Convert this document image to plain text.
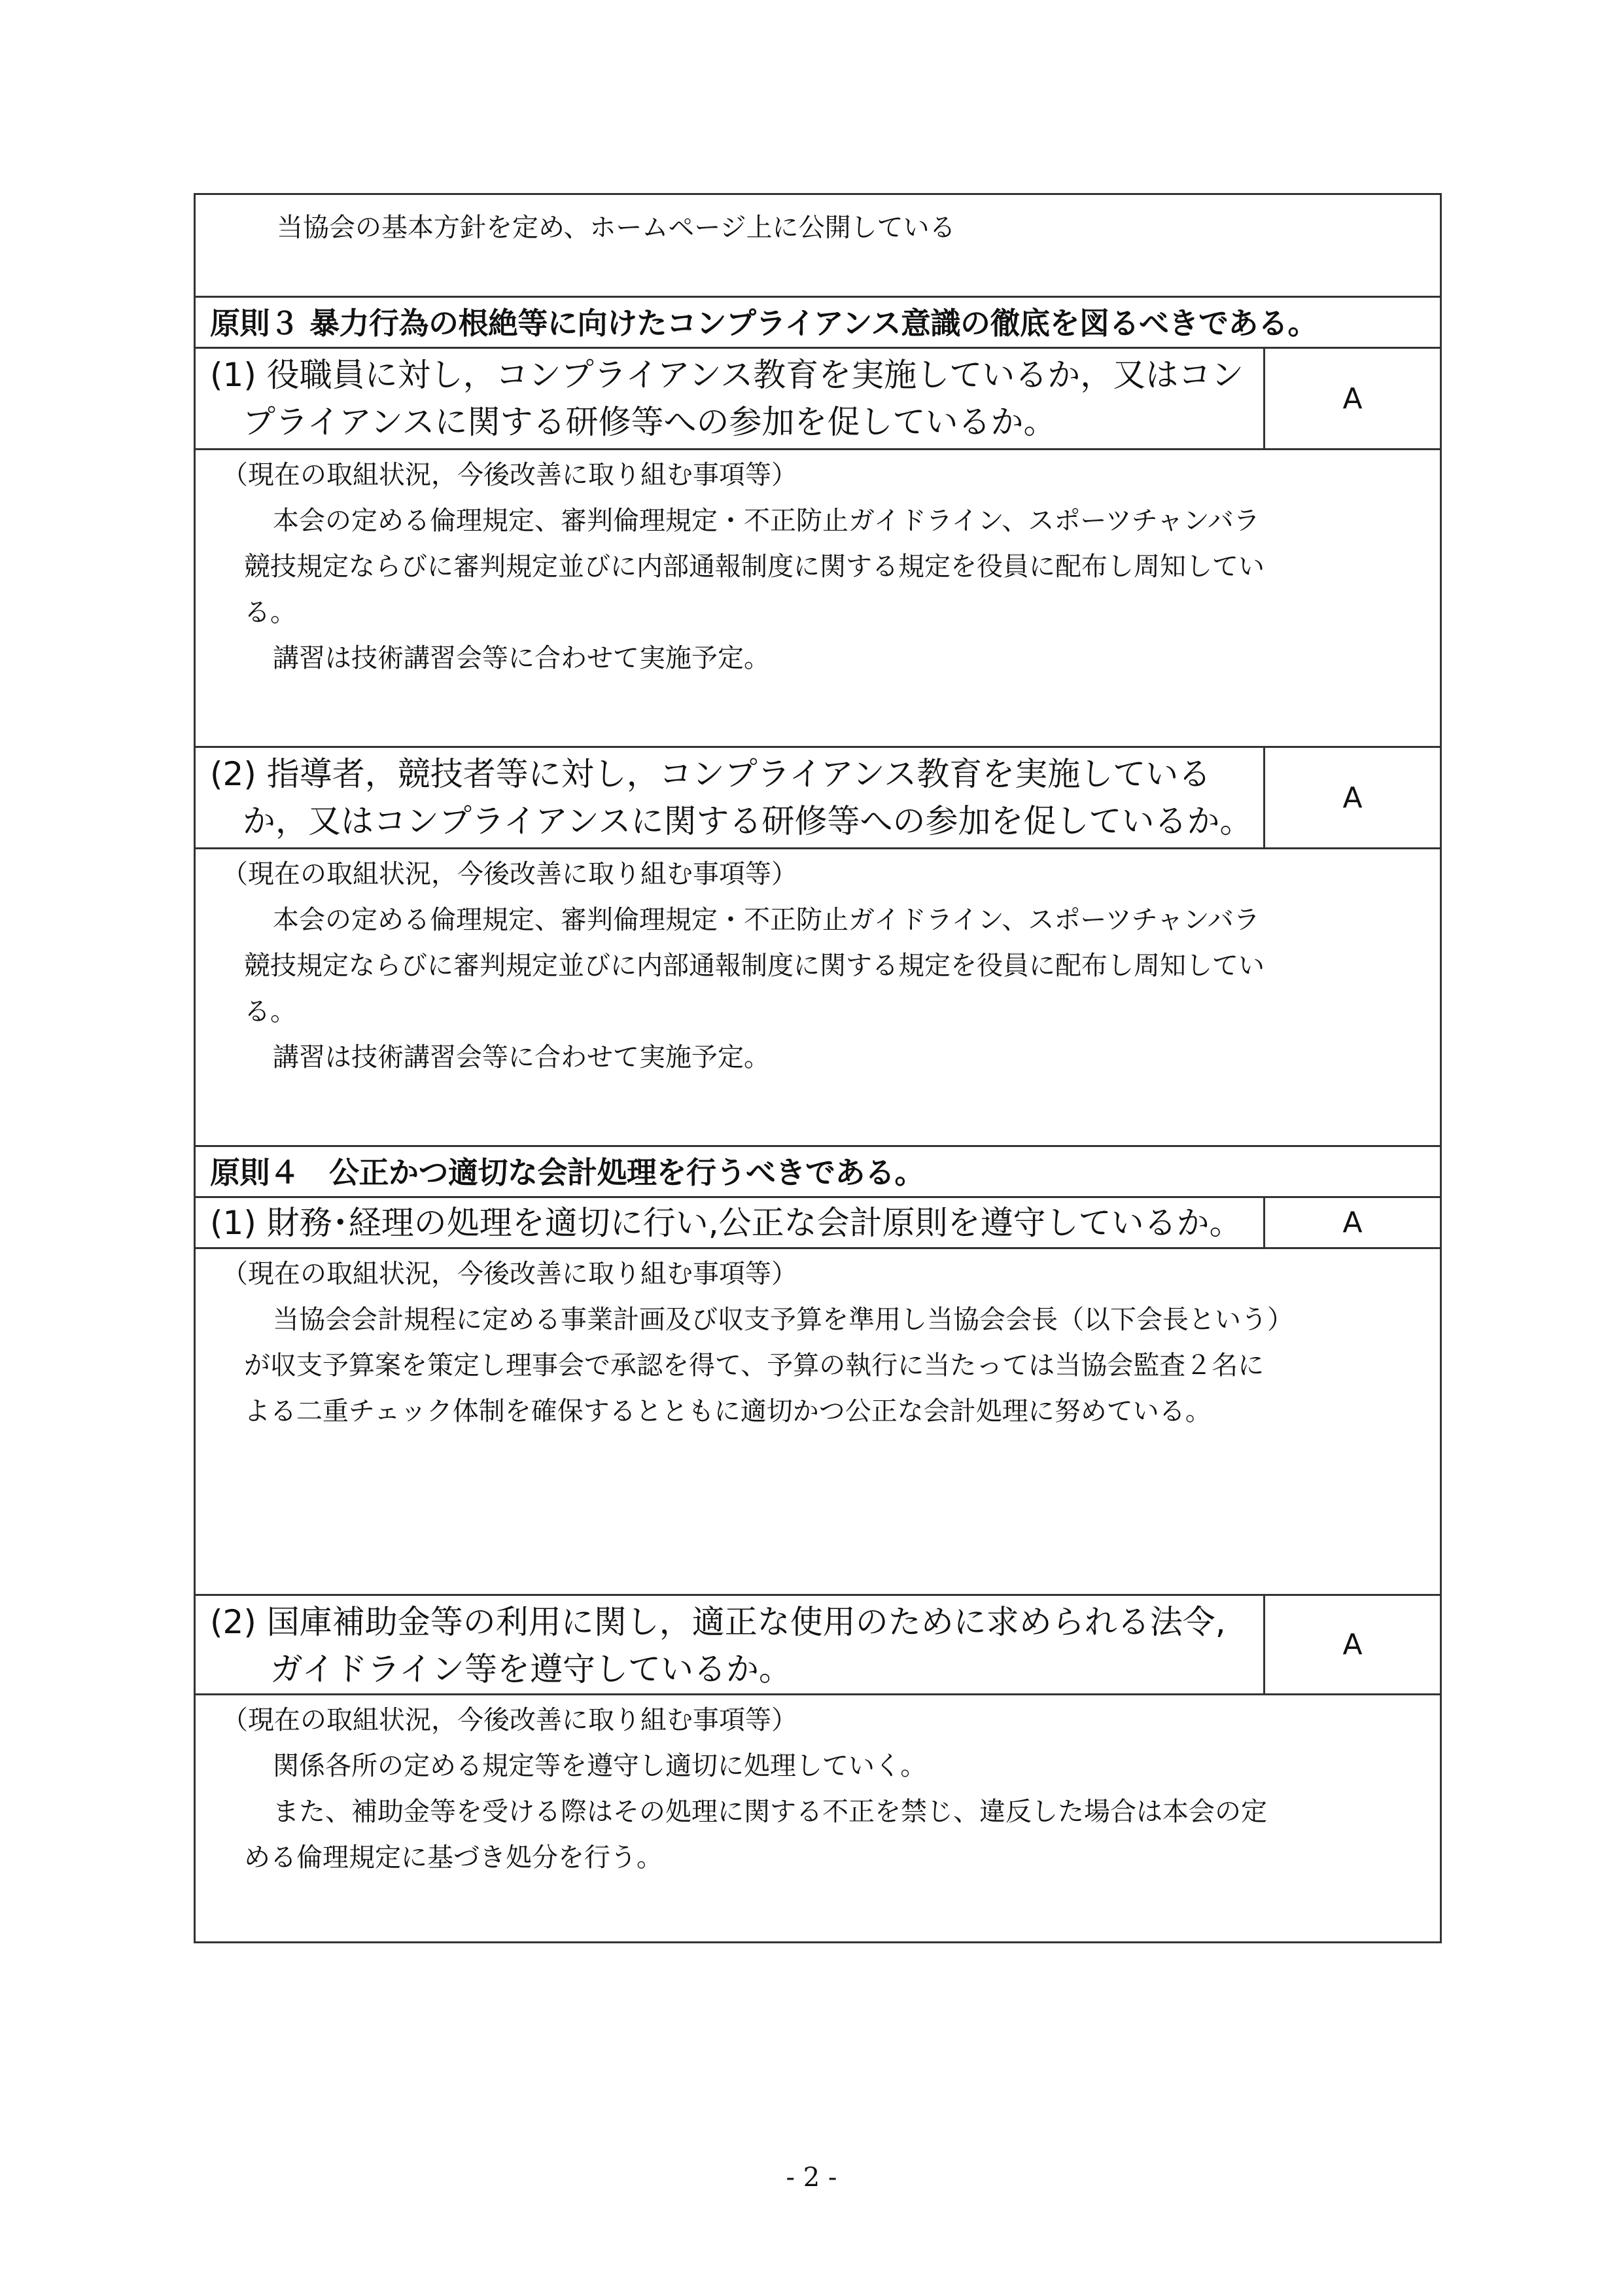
当協会の基本方針を定め、ホームページ上に公開している
原則３ 暴力行為の根絶等に向けたコンプライアンス意識の徹底を図るべきである。
(1) 役職員に対し，コンプライアンス教育を実施しているか，又はコン
プライアンスに関する研修等への参加を促しているか。
A
（現在の取組状況，今後改善に取り組む事項等）
本会の定める倫理規定、審判倫理規定・不正防止ガイドライン、スポーツチャンバラ
競技規定ならびに審判規定並びに内部通報制度に関する規定を役員に配布し周知してい
る。
講習は技術講習会等に合わせて実施予定。
(2) 指導者，競技者等に対し，コンプライアンス教育を実施している
か，又はコンプライアンスに関する研修等への参加を促しているか。
A
（現在の取組状況，今後改善に取り組む事項等）
本会の定める倫理規定、審判倫理規定・不正防止ガイドライン、スポーツチャンバラ
競技規定ならびに審判規定並びに内部通報制度に関する規定を役員に配布し周知してい
る。
講習は技術講習会等に合わせて実施予定。
原則４　公正かつ適切な会計処理を行うべきである。
(1) 財務･経理の処理を適切に行い,公正な会計原則を遵守しているか。	A
（現在の取組状況，今後改善に取り組む事項等）
当協会会計規程に定める事業計画及び収支予算を準用し当協会会長（以下会長という）
が収支予算案を策定し理事会で承認を得て、予算の執行に当たっては当協会監査２名に
よる二重チェック体制を確保するとともに適切かつ公正な会計処理に努めている。
(2) 国庫補助金等の利用に関し，適正な使用のために求められる法令,
ガイドライン等を遵守しているか。
A
（現在の取組状況，今後改善に取り組む事項等）
関係各所の定める規定等を遵守し適切に処理していく。
また、補助金等を受ける際はその処理に関する不正を禁じ、違反した場合は本会の定
める倫理規定に基づき処分を行う。
- 2 -
